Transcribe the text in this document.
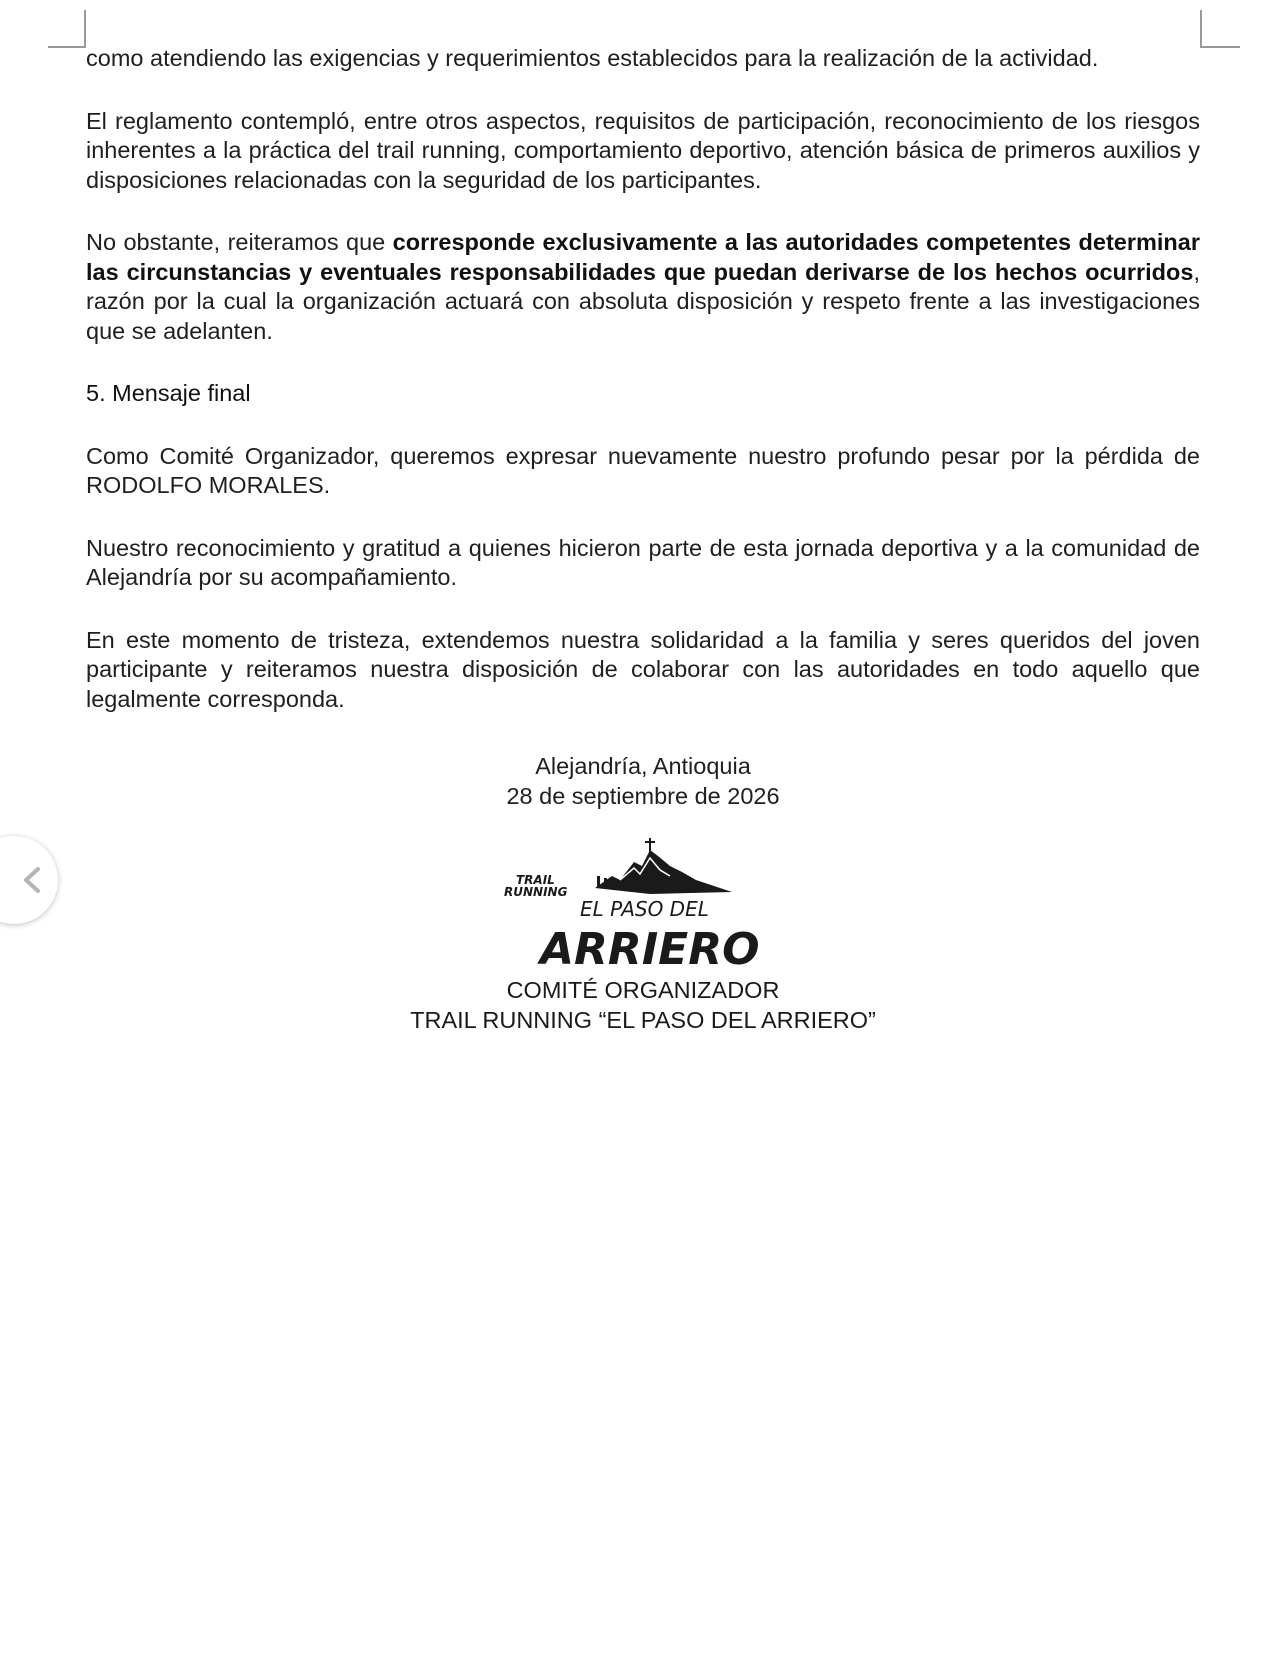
como atendiendo las exigencias y requerimientos establecidos para la realización de la actividad.

El reglamento contempló, entre otros aspectos, requisitos de participación, reconocimiento de los riesgos inherentes a la práctica del trail running, comportamiento deportivo, atención básica de primeros auxilios y disposiciones relacionadas con la seguridad de los participantes.

No obstante, reiteramos que corresponde exclusivamente a las autoridades competentes determinar las circunstancias y eventuales responsabilidades que puedan derivarse de los hechos ocurridos, razón por la cual la organización actuará con absoluta disposición y respeto frente a las investigaciones que se adelanten.

5. Mensaje final

Como Comité Organizador, queremos expresar nuevamente nuestro profundo pesar por la pérdida de RODOLFO MORALES.

Nuestro reconocimiento y gratitud a quienes hicieron parte de esta jornada deportiva y a la comunidad de Alejandría por su acompañamiento.

En este momento de tristeza, extendemos nuestra solidaridad a la familia y seres queridos del joven participante y reiteramos nuestra disposición de colaborar con las autoridades en todo aquello que legalmente corresponda.

Alejandría, Antioquia
28 de septiembre de 2026
TRAIL
RUNNING
EL PASO DEL
ARRIERO
COMITÉ ORGANIZADOR
TRAIL RUNNING “EL PASO DEL ARRIERO”
